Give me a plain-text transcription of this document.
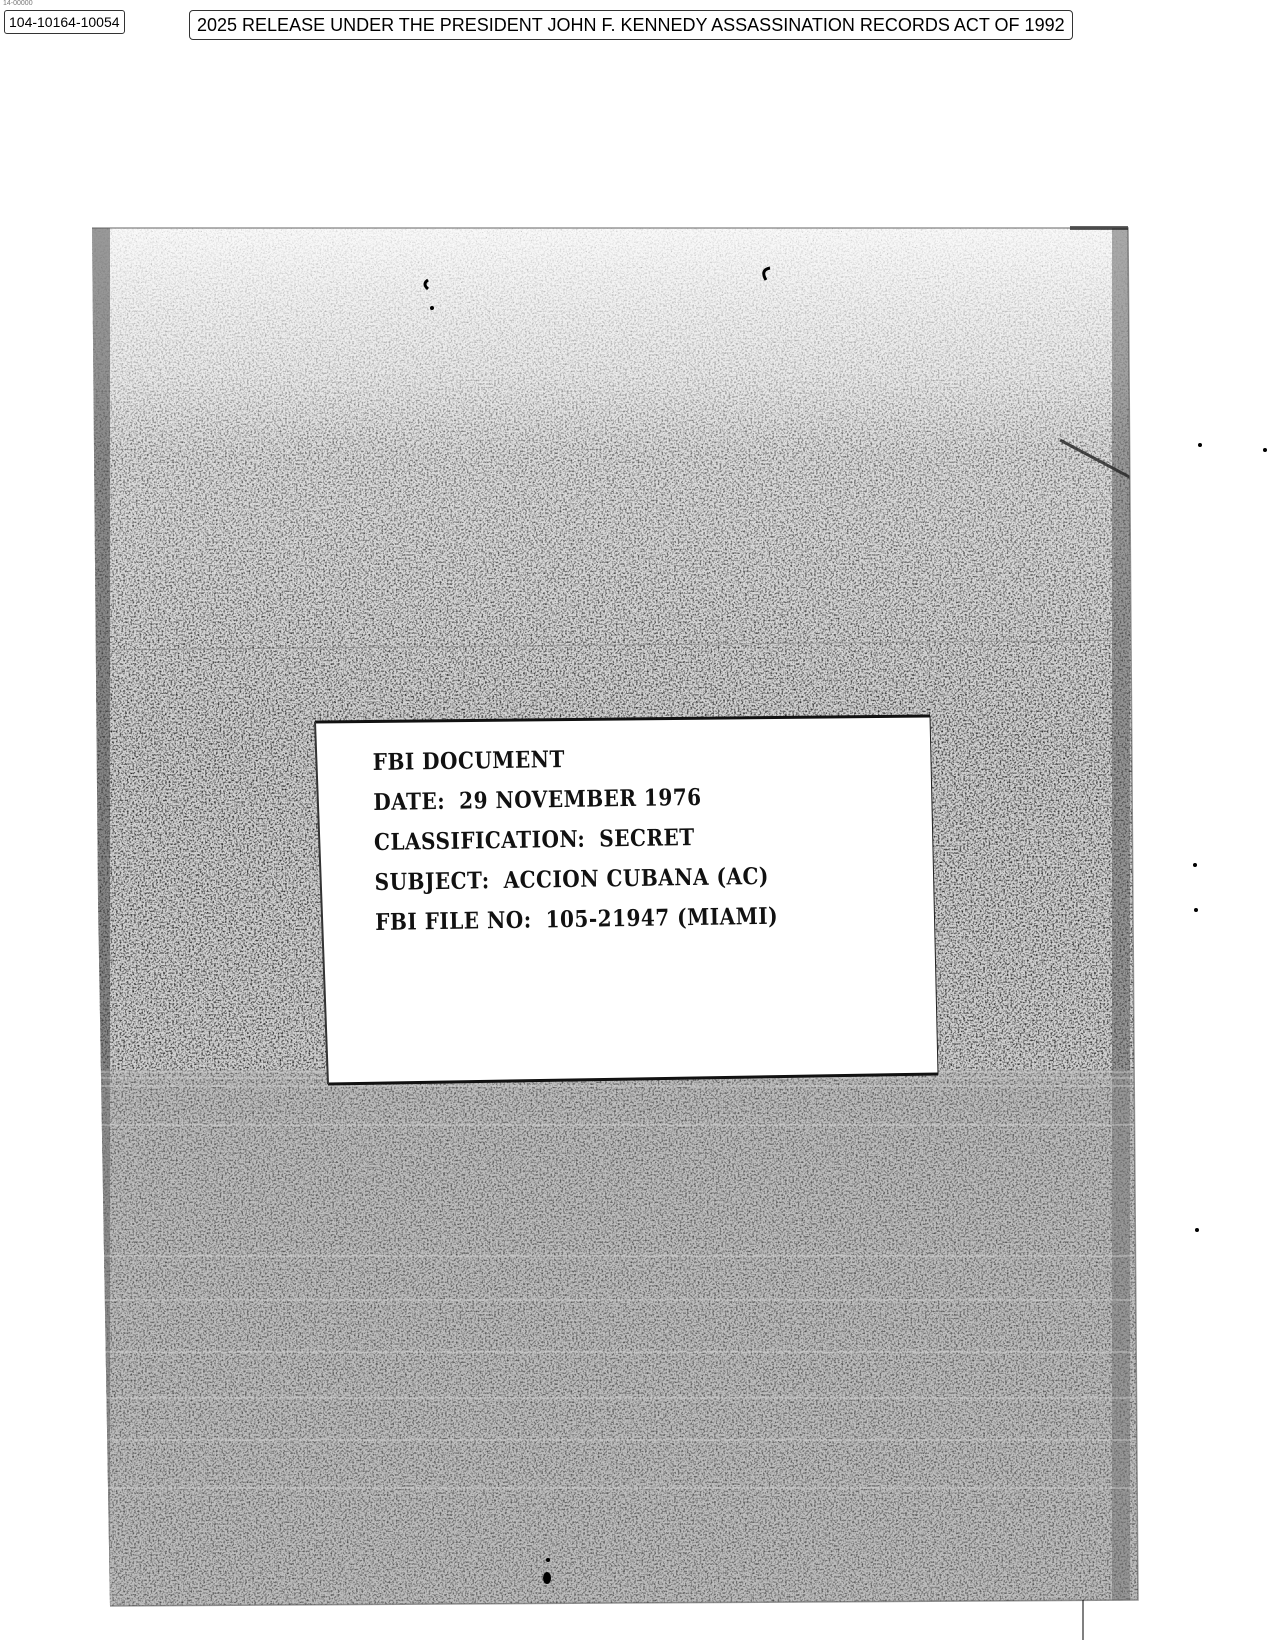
14-00000
104-10164-10054	2025 RELEASE UNDER THE PRESIDENT JOHN F. KENNEDY ASSASSINATION RECORDS ACT OF 1992
FBI DOCUMENT
DATE: 29 NOVEMBER 1976
CLASSIFICATION: SECRET
SUBJECT: ACCION CUBANA (AC)
FBI FILE NO: 105-21947 (MIAMI)
